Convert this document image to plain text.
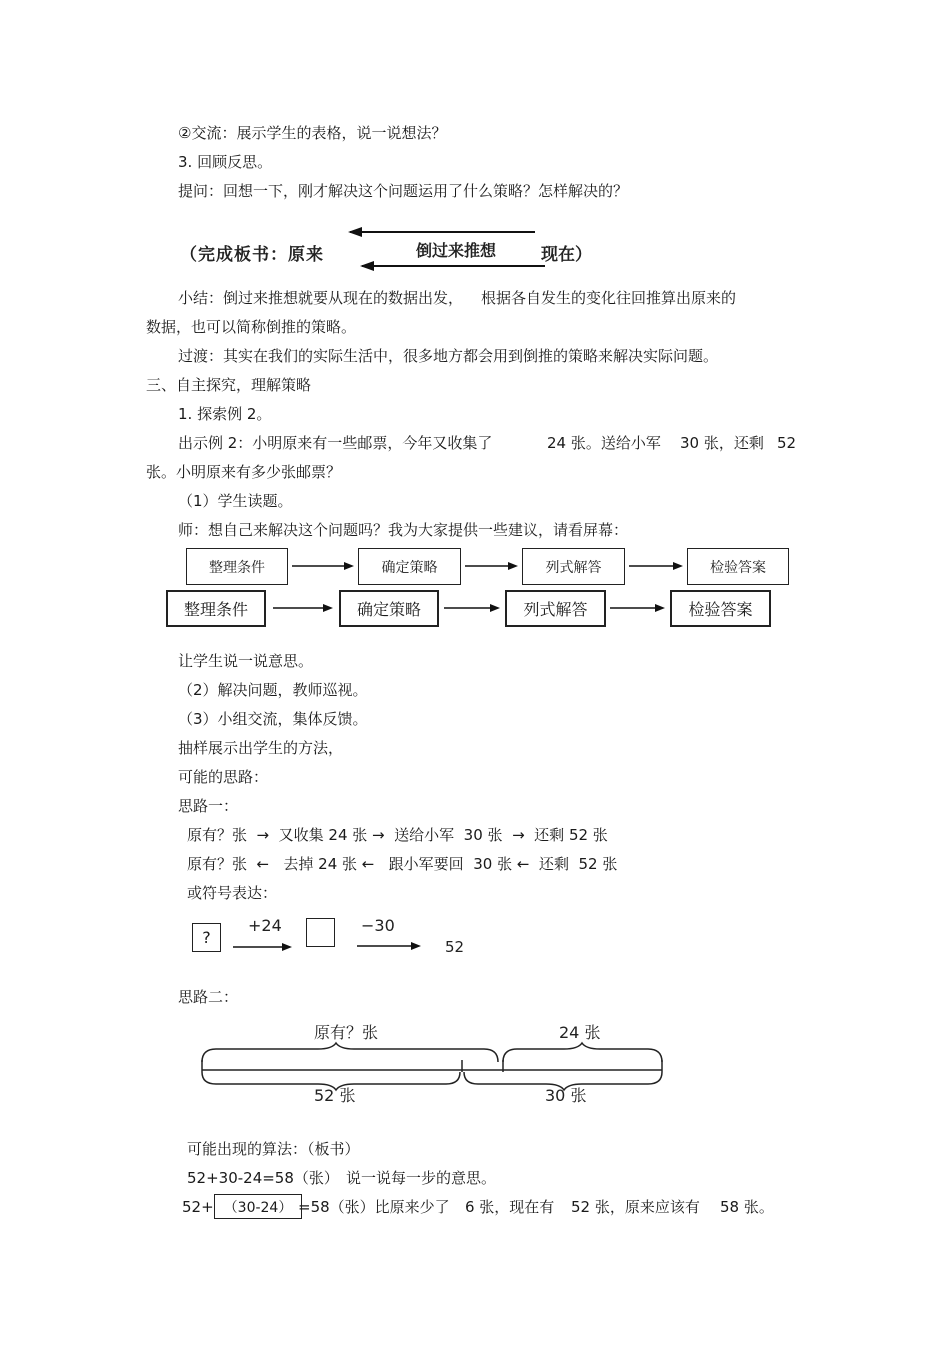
②交流：展示学生的表格，说一说想法？
3. 回顾反思。
提问：回想一下，刚才解决这个问题运用了什么策略？怎样解决的？
（完成板书：原来	倒过来推想	现在）
小结：倒过来推想就要从现在的数据出发， 根据各自发生的变化往回推算出原来的
数据，也可以简称倒推的策略。
过渡：其实在我们的实际生活中，很多地方都会用到倒推的策略来解决实际问题。
三、自主探究，理解策略
1. 探索例 2。
出示例 2：小明原来有一些邮票，今年又收集了	24 张。送给小军 30 张，还剩 52
张。小明原来有多少张邮票？
（1）学生读题。
师：想自己来解决这个问题吗？我为大家提供一些建议，请看屏幕：
整理条件	确定策略	列式解答	检验答案
整理条件	确定策略	列式解答	检验答案
让学生说一说意思。
（2）解决问题，教师巡视。
（3）小组交流，集体反馈。
抽样展示出学生的方法，
可能的思路：
思路一：
原有？张  →  又收集 24 张 →  送给小军  30 张  →  还剩 52 张
原有？张  ←   去掉 24 张 ←   跟小军要回  30 张 ←  还剩  52 张
或符号表达：
?
+24	−30
52
思路二：
原有？张	24 张
52 张	30 张
可能出现的算法：（板书）
52+30-24=58（张） 说一说每一步的意思。
52+ （30-24） =58（张）比原来少了 6 张，现在有 52 张，原来应该有 58 张。
